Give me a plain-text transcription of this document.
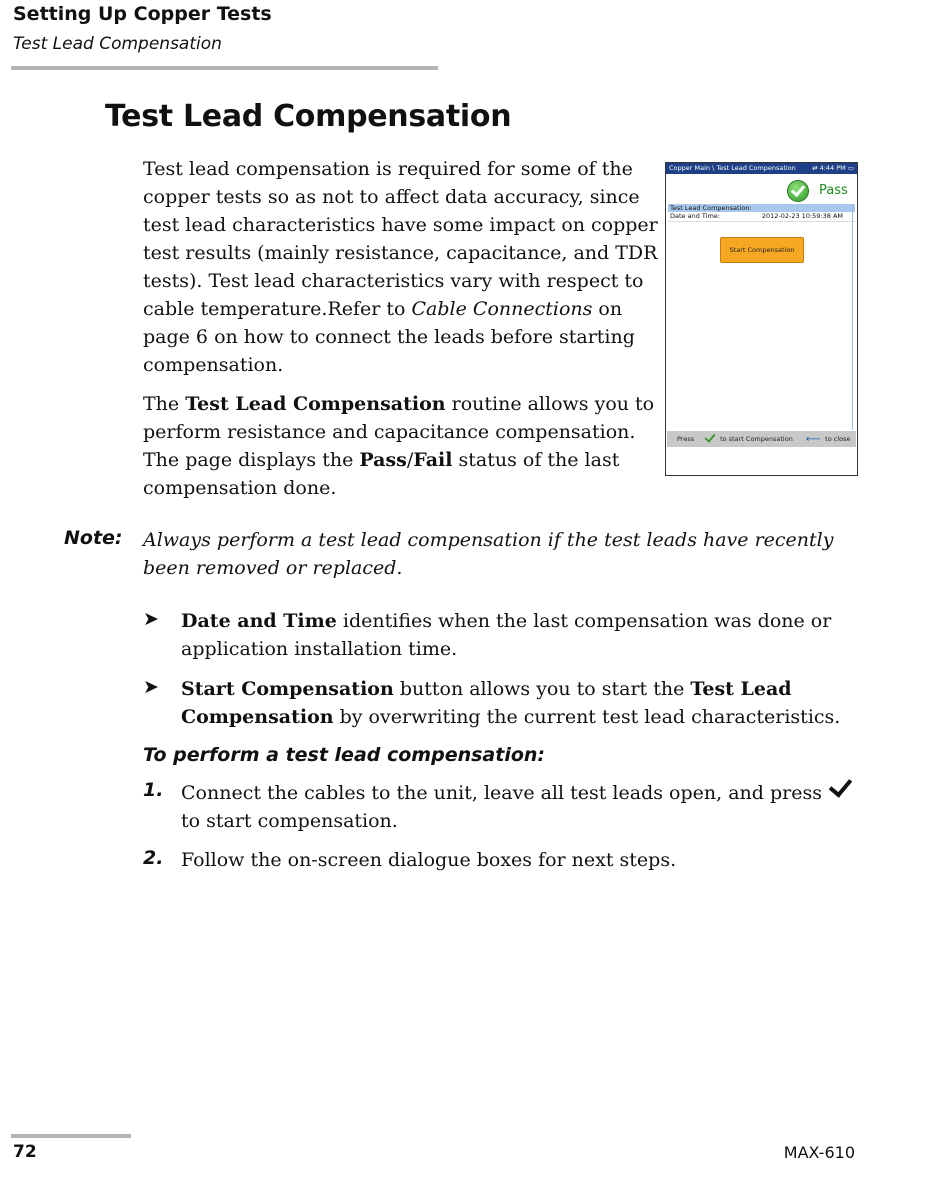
Setting Up Copper Tests
Test Lead Compensation
Test Lead Compensation

Test lead compensation is required for some of the copper tests so as not to affect data accuracy, since test lead characteristics have some impact on copper test results (mainly resistance, capacitance, and TDR tests). Test lead characteristics vary with respect to cable temperature.Refer to Cable Connections on page 6 on how to connect the leads before starting compensation.

The Test Lead Compensation routine allows you to perform resistance and capacitance compensation. The page displays the Pass/Fail status of the last compensation done.

Copper Main \ Test Lead Compensation	⇄ 4:44 PM ▭
Pass
Test Lead Compensation:
Date and Time:	2012-02-23 10:59:38 AM
Start Compensation
Press	to start Compensation ⟵ to close
Note: Always perform a test lead compensation if the test leads have recently been removed or replaced.
➤ Date and Time identifies when the last compensation was done or application installation time.
➤ Start Compensation button allows you to start the Test Lead Compensation by overwriting the current test lead characteristics.
To perform a test lead compensation:
1. Connect the cables to the unit, leave all test leads open, and press
to start compensation.
2. Follow the on-screen dialogue boxes for next steps.
72	MAX-610
